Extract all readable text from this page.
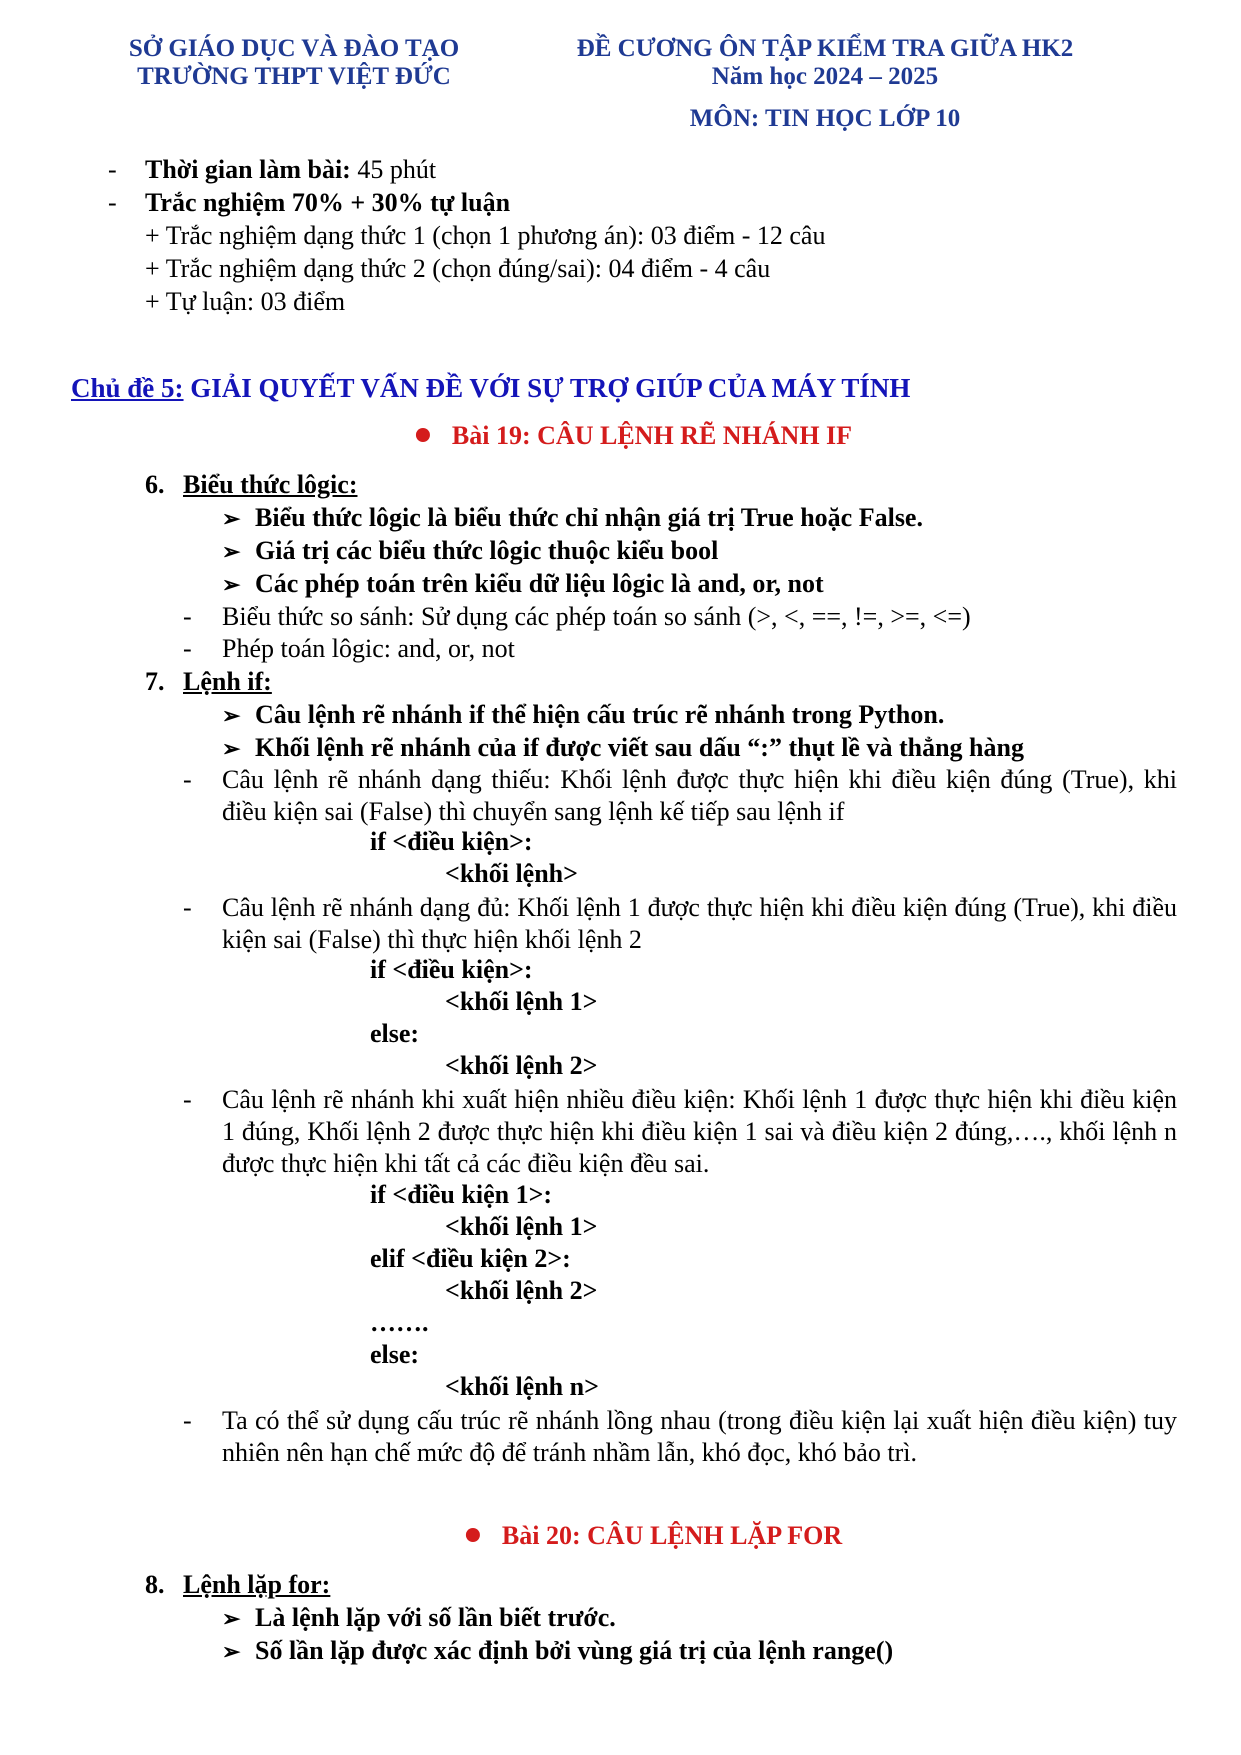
SỞ GIÁO DỤC VÀ ĐÀO TẠO
TRƯỜNG THPT VIỆT ĐỨC
ĐỀ CƯƠNG ÔN TẬP KIỂM TRA GIỮA HK2
Năm học 2024 – 2025
MÔN: TIN HỌC LỚP 10
- Thời gian làm bài: 45 phút
- Trắc nghiệm 70% + 30% tự luận
+ Trắc nghiệm dạng thức 1 (chọn 1 phương án): 03 điểm - 12 câu
+ Trắc nghiệm dạng thức 2 (chọn đúng/sai): 04 điểm - 4 câu
+ Tự luận: 03 điểm
Chủ đề 5: GIẢI QUYẾT VẤN ĐỀ VỚI SỰ TRỢ GIÚP CỦA MÁY TÍNH
Bài 19: CÂU LỆNH RẼ NHÁNH IF
6. Biểu thức lôgic:
➢ Biểu thức lôgic là biểu thức chỉ nhận giá trị True hoặc False.
➢ Giá trị các biểu thức lôgic thuộc kiểu bool
➢ Các phép toán trên kiểu dữ liệu lôgic là and, or, not
- Biểu thức so sánh: Sử dụng các phép toán so sánh (>, <, ==, !=, >=, <=)
- Phép toán lôgic: and, or, not
7. Lệnh if:
➢ Câu lệnh rẽ nhánh if thể hiện cấu trúc rẽ nhánh trong Python.
➢ Khối lệnh rẽ nhánh của if được viết sau dấu “:” thụt lề và thẳng hàng
- Câu lệnh rẽ nhánh dạng thiếu: Khối lệnh được thực hiện khi điều kiện đúng (True), khi điều kiện sai (False) thì chuyển sang lệnh kế tiếp sau lệnh if
if <điều kiện>:
<khối lệnh>
- Câu lệnh rẽ nhánh dạng đủ: Khối lệnh 1 được thực hiện khi điều kiện đúng (True), khi điều kiện sai (False) thì thực hiện khối lệnh 2
if <điều kiện>:
<khối lệnh 1>
else:
<khối lệnh 2>
- Câu lệnh rẽ nhánh khi xuất hiện nhiều điều kiện: Khối lệnh 1 được thực hiện khi điều kiện 1 đúng, Khối lệnh 2 được thực hiện khi điều kiện 1 sai và điều kiện 2 đúng,…., khối lệnh n được thực hiện khi tất cả các điều kiện đều sai.
if <điều kiện 1>:
<khối lệnh 1>
elif <điều kiện 2>:
<khối lệnh 2>
…….
else:
<khối lệnh n>
- Ta có thể sử dụng cấu trúc rẽ nhánh lồng nhau (trong điều kiện lại xuất hiện điều kiện) tuy nhiên nên hạn chế mức độ để tránh nhầm lẫn, khó đọc, khó bảo trì.
Bài 20: CÂU LỆNH LẶP FOR
8. Lệnh lặp for:
➢ Là lệnh lặp với số lần biết trước.
➢ Số lần lặp được xác định bởi vùng giá trị của lệnh range()
